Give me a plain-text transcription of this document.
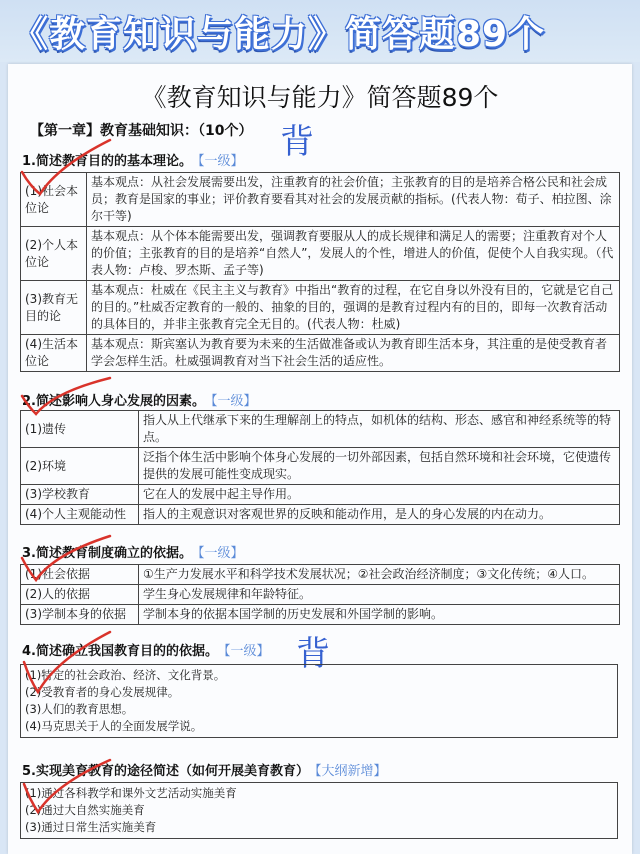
《教育知识与能力》简答题89个
《教育知识与能力》简答题89个
【第一章】教育基础知识：（10个） 背
1.简述教育目的的基本理论。 【一级】
(1)社会本位论	基本观点：从社会发展需要出发，注重教育的社会价值；主张教育的目的是培养合格公民和社会成员；教育是国家的事业；评价教育要看其对社会的发展贡献的指标。(代表人物：荀子、柏拉图、涂尔干等)
(2)个人本位论	基本观点：从个体本能需要出发，强调教育要服从人的成长规律和满足人的需要；注重教育对个人的价值；主张教育的目的是培养“自然人”，发展人的个性，增进人的价值，促使个人自我实现。（代表人物：卢梭、罗杰斯、孟子等)
(3)教育无目的论	基本观点：杜威在《民主主义与教育》中指出“教育的过程，在它自身以外没有目的，它就是它自己的目的。”杜威否定教育的一般的、抽象的目的，强调的是教育过程内有的目的，即每一次教育活动的具体目的，并非主张教育完全无目的。(代表人物：杜威)
(4)生活本位论	基本观点：斯宾塞认为教育要为未来的生活做准备或认为教育即生活本身，其注重的是使受教育者学会怎样生活。杜威强调教育对当下社会生活的适应性。
2.简述影响人身心发展的因素。 【一级】
(1)遗传	指人从上代继承下来的生理解剖上的特点，如机体的结构、形态、感官和神经系统等的特点。
(2)环境	泛指个体生活中影响个体身心发展的一切外部因素，包括自然环境和社会环境，它使遗传提供的发展可能性变成现实。
(3)学校教育	它在人的发展中起主导作用。
(4)个人主观能动性	指人的主观意识对客观世界的反映和能动作用，是人的身心发展的内在动力。
3.简述教育制度确立的依据。 【一级】
(1)社会依据	①生产力发展水平和科学技术发展状况；②社会政治经济制度；③文化传统；④人口。
(2)人的依据	学生身心发展规律和年龄特征。
(3)学制本身的依据	学制本身的依据本国学制的历史发展和外国学制的影响。
4.简述确立我国教育目的的依据。 【一级】 背
(1)特定的社会政治、经济、文化背景。
(2)受教育者的身心发展规律。
(3)人们的教育思想。
(4)马克思关于人的全面发展学说。
5.实现美育教育的途径简述（如何开展美育教育） 【大纲新增】
(1)通过各科教学和课外文艺活动实施美育
(2)通过大自然实施美育
(3)通过日常生活实施美育
